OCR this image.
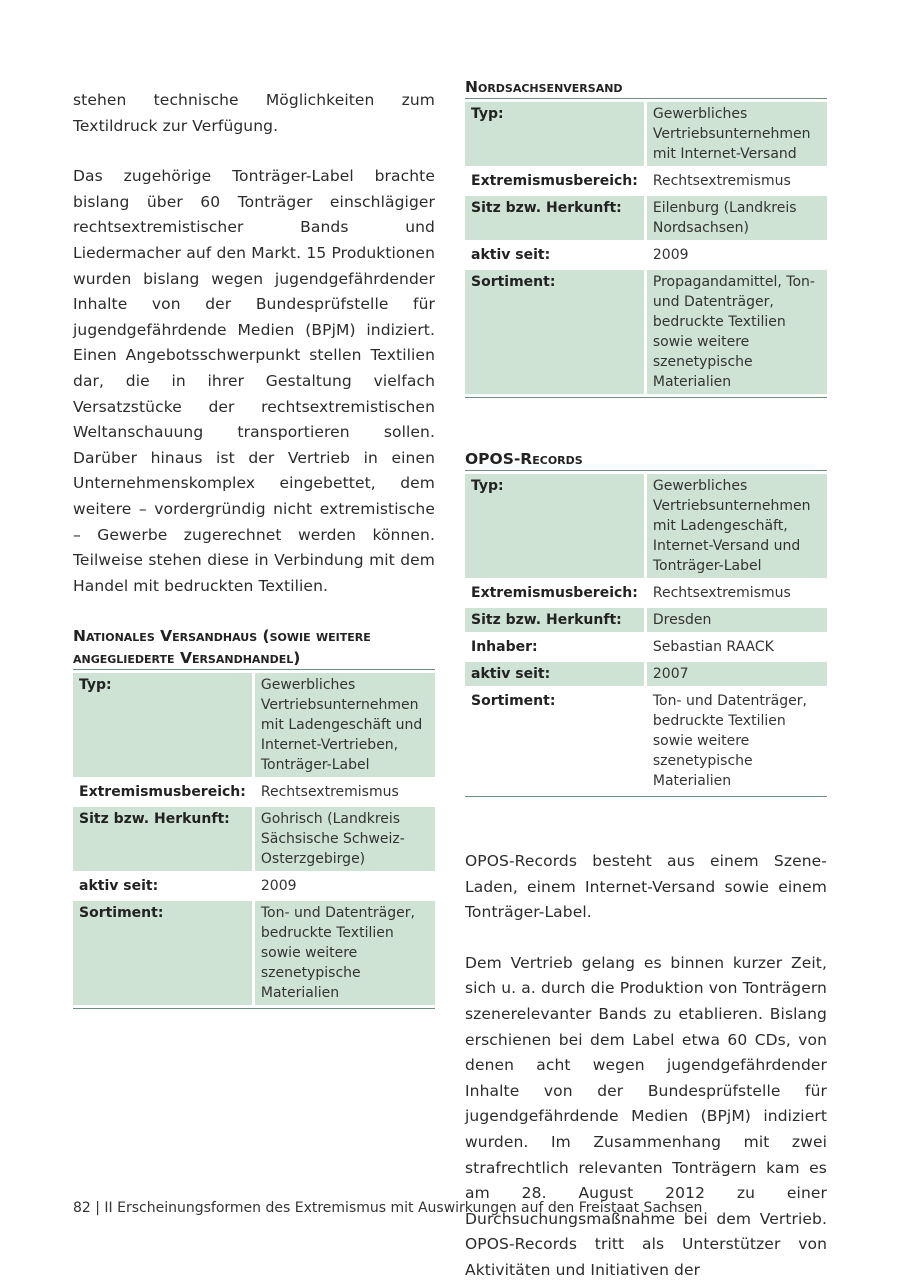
stehen technische Möglichkeiten zum Textildruck zur Verfügung.

Das zugehörige Tonträger-Label brachte bislang über 60 Tonträger einschlägiger rechtsextremistischer Bands und Liedermacher auf den Markt. 15 Produktionen wurden bislang wegen jugendgefährdender Inhalte von der Bundesprüfstelle für jugendgefährdende Medien (BPjM) indiziert. Einen Angebotsschwerpunkt stellen Textilien dar, die in ihrer Gestaltung vielfach Versatzstücke der rechtsextremistischen Weltanschauung transportieren sollen. Darüber hinaus ist der Vertrieb in einen Unternehmenskomplex eingebettet, dem weitere – vordergründig nicht extremistische – Gewerbe zugerechnet werden können. Teilweise stehen diese in Verbindung mit dem Handel mit bedruckten Textilien.

Nationales Versandhaus (sowie weitere
angegliederte Versandhandel)

Typ:	Gewerbliches Vertriebsunternehmen mit Ladengeschäft und Internet-Vertrieben, Tonträger-Label
Extremismusbereich:	Rechtsextremismus
Sitz bzw. Herkunft:	Gohrisch (Landkreis Sächsische Schweiz-Osterzgebirge)
aktiv seit:	2009
Sortiment:	Ton- und Datenträger, bedruckte Textilien sowie weitere szenetypische Materialien

Nordsachsenversand

Typ:	Gewerbliches Vertriebsunternehmen mit Internet-Versand
Extremismusbereich:	Rechtsextremismus
Sitz bzw. Herkunft:	Eilenburg (Landkreis Nordsachsen)
aktiv seit:	2009
Sortiment:	Propagandamittel, Ton- und Datenträger, bedruckte Textilien sowie weitere szenetypische Materialien

OPOS-Records

Typ:	Gewerbliches Vertriebsunternehmen mit Ladengeschäft, Internet-Versand und Tonträger-Label
Extremismusbereich:	Rechtsextremismus
Sitz bzw. Herkunft:	Dresden
Inhaber:	Sebastian RAACK
aktiv seit:	2007
Sortiment:	Ton- und Datenträger, bedruckte Textilien sowie weitere szenetypische Materialien

OPOS-Records besteht aus einem Szene-Laden, einem Internet-Versand sowie einem Tonträger-Label.

Dem Vertrieb gelang es binnen kurzer Zeit, sich u. a. durch die Produktion von Tonträgern szenerelevanter Bands zu etablieren. Bislang erschienen bei dem Label etwa 60 CDs, von denen acht wegen jugendgefährdender Inhalte von der Bundesprüfstelle für jugendgefährdende Medien (BPjM) indiziert wurden. Im Zusammenhang mit zwei strafrechtlich relevanten Tonträgern kam es am 28. August 2012 zu einer Durchsuchungsmaßnahme bei dem Vertrieb. OPOS-Records tritt als Unterstützer von Aktivitäten und Initiativen der

82 | II Erscheinungsformen des Extremismus mit Auswirkungen auf den Freistaat Sachsen
